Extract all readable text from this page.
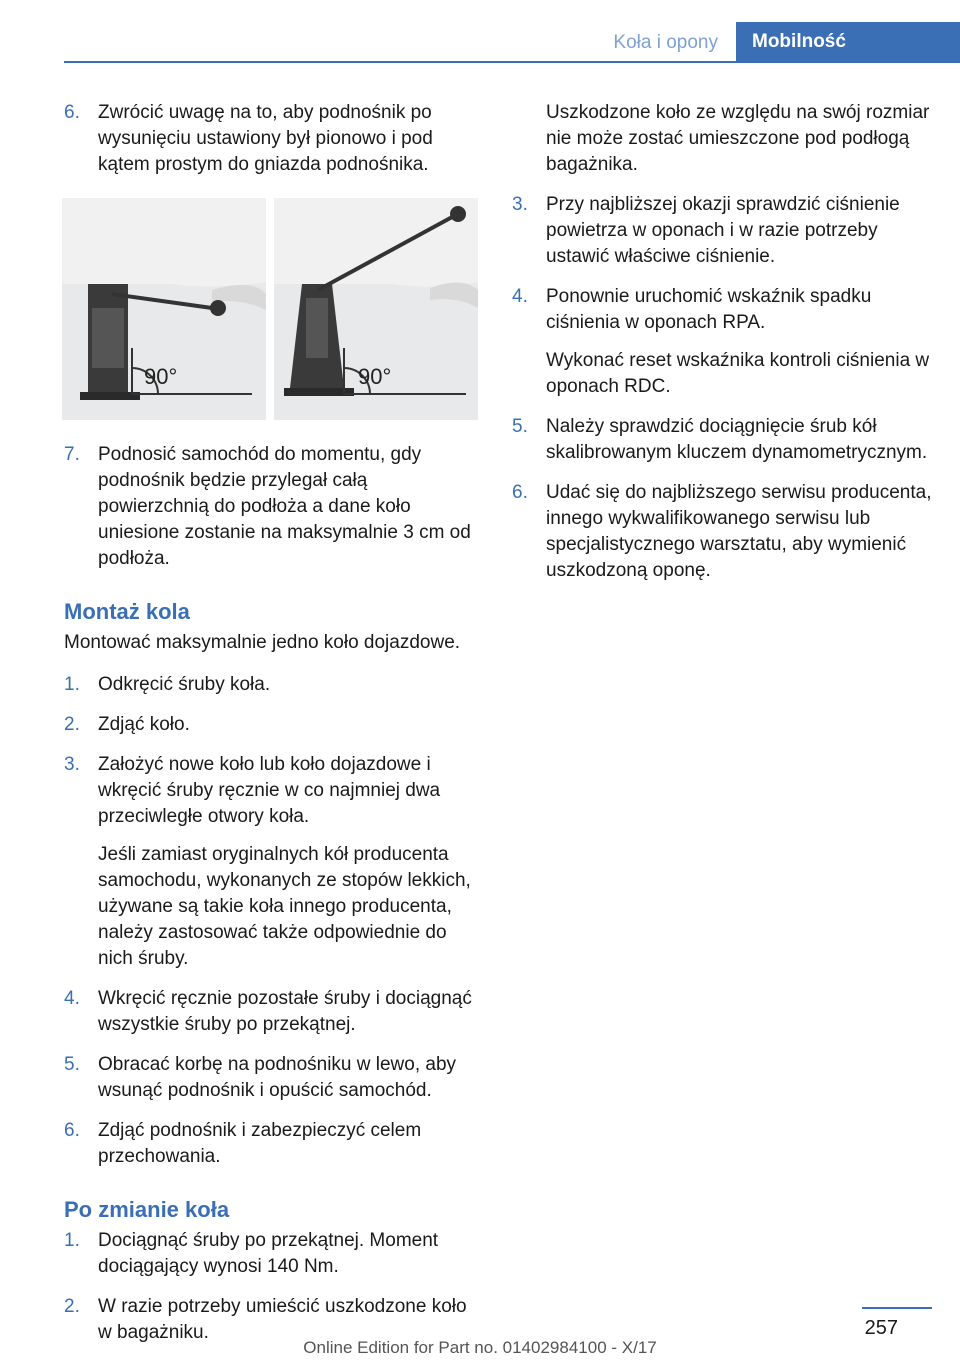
Koła i opony	Mobilność
6. Zwrócić uwagę na to, aby podnośnik po wysunięciu ustawiony był pionowo i pod kątem prostym do gniazda podnośnika.
90°	90°
7. Podnosić samochód do momentu, gdy podnośnik będzie przylegał całą powierzchnią do podłoża a dane koło uniesione zostanie na maksymalnie 3 cm od podłoża.
Montaż kola
Montować maksymalnie jedno koło dojazdowe.
1. Odkręcić śruby koła.
2. Zdjąć koło.
3. Założyć nowe koło lub koło dojazdowe i wkręcić śruby ręcznie w co najmniej dwa przeciwległe otwory koła.
Jeśli zamiast oryginalnych kół producenta samochodu, wykonanych ze stopów lekkich, używane są takie koła innego producenta, należy zastosować także odpowiednie do nich śruby.
4. Wkręcić ręcznie pozostałe śruby i dociągnąć wszystkie śruby po przekątnej.
5. Obracać korbę na podnośniku w lewo, aby wsunąć podnośnik i opuścić samochód.
6. Zdjąć podnośnik i zabezpieczyć celem przechowania.
Po zmianie koła
1. Dociągnąć śruby po przekątnej. Moment dociągający wynosi 140 Nm.
2. W razie potrzeby umieścić uszkodzone koło w bagażniku.
Uszkodzone koło ze względu na swój rozmiar nie może zostać umieszczone pod podłogą bagażnika.
3. Przy najbliższej okazji sprawdzić ciśnienie powietrza w oponach i w razie potrzeby ustawić właściwe ciśnienie.
4. Ponownie uruchomić wskaźnik spadku ciśnienia w oponach RPA.
Wykonać reset wskaźnika kontroli ciśnienia w oponach RDC.
5. Należy sprawdzić dociągnięcie śrub kół skalibrowanym kluczem dynamometrycznym.
6. Udać się do najbliższego serwisu producenta, innego wykwalifikowanego serwisu lub specjalistycznego warsztatu, aby wymienić uszkodzoną oponę.
257
Online Edition for Part no. 01402984100 - X/17
